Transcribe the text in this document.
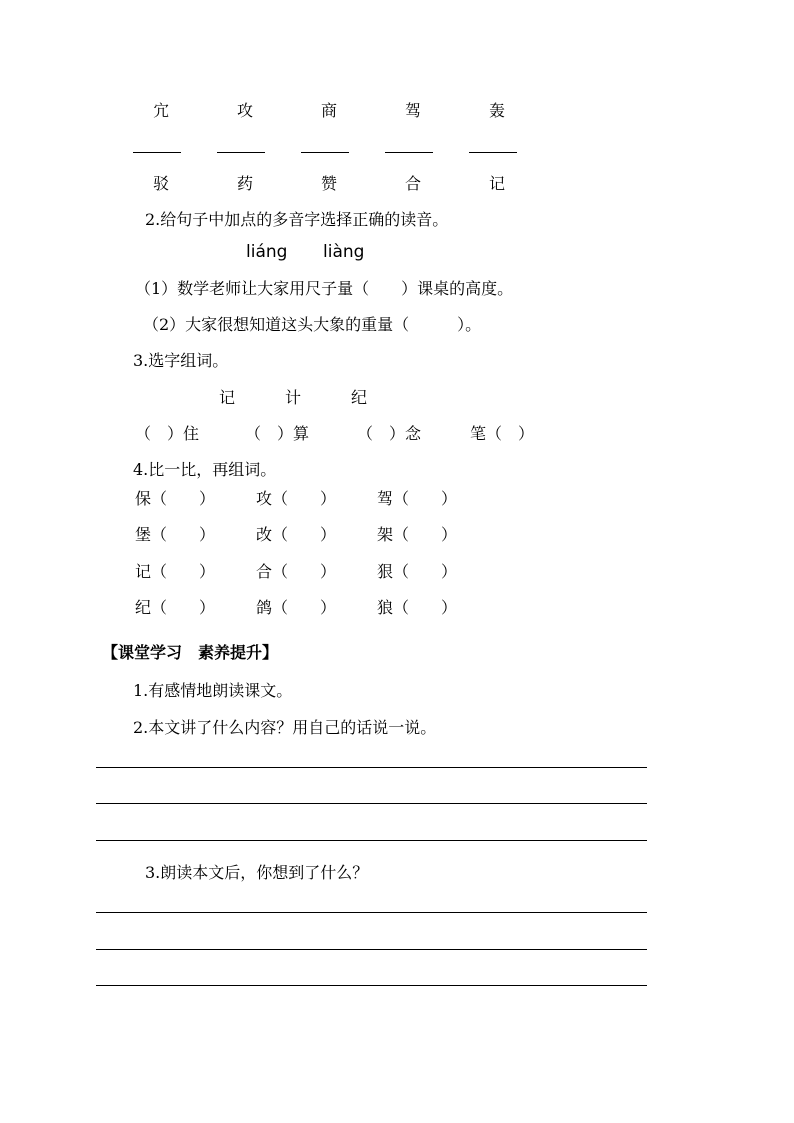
宂	攻	商	驾	轰
驳	药	赞	合	记
2.给句子中加点的多音字选择正确的读音。
liáng liàng
（1）数学老师让大家用尺子量（　　）课桌的高度。
（2）大家很想知道这头大象的重量（　　　）。
3.选字组词。
记	计	纪
（　）住	（　）算	（　）念	笔（　）
4.比一比，再组词。
保（　　）	攻（　　）	驾（　　）
堡（　　）	改（　　）	架（　　）
记（　　）	合（　　）	狠（　　）
纪（　　）	鸽（　　）	狼（　　）
【课堂学习　素养提升】
1.有感情地朗读课文。
2.本文讲了什么内容？用自己的话说一说。
3.朗读本文后，你想到了什么？
